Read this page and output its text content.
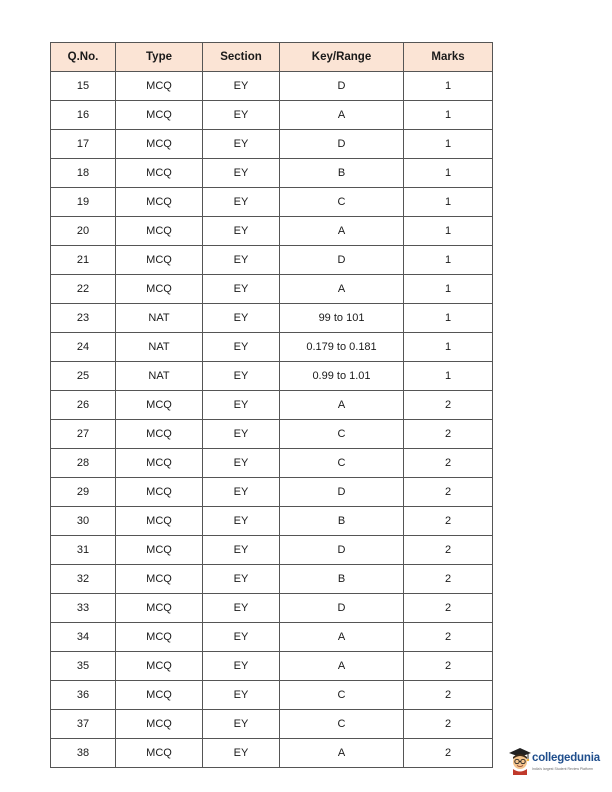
Q.No.	Type	Section	Key/Range	Marks
15	MCQ	EY	D	1
16	MCQ	EY	A	1
17	MCQ	EY	D	1
18	MCQ	EY	B	1
19	MCQ	EY	C	1
20	MCQ	EY	A	1
21	MCQ	EY	D	1
22	MCQ	EY	A	1
23	NAT	EY	99 to 101	1
24	NAT	EY	0.179 to 0.181	1
25	NAT	EY	0.99 to 1.01	1
26	MCQ	EY	A	2
27	MCQ	EY	C	2
28	MCQ	EY	C	2
29	MCQ	EY	D	2
30	MCQ	EY	B	2
31	MCQ	EY	D	2
32	MCQ	EY	B	2
33	MCQ	EY	D	2
34	MCQ	EY	A	2
35	MCQ	EY	A	2
36	MCQ	EY	C	2
37	MCQ	EY	C	2
38	MCQ	EY	A	2	collegedunia
India's largest Student Review Platform
